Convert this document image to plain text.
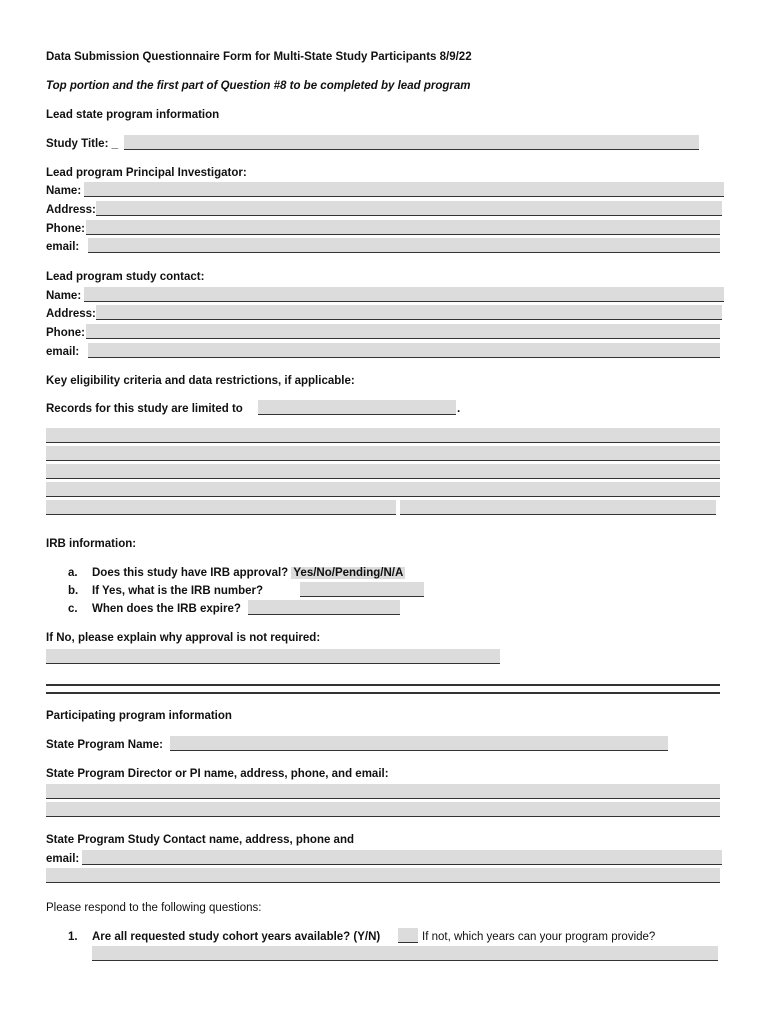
Data Submission Questionnaire Form for Multi-State Study Participants 8/9/22
Top portion and the first part of Question #8 to be completed by lead program
Lead state program information
Study Title: _
Lead program Principal Investigator:
Name:
Address:
Phone:
email:
Lead program study contact:
Name:
Address:
Phone:
email:
Key eligibility criteria and data restrictions, if applicable:
Records for this study are limited to	.
IRB information:
a. Does this study have IRB approval? Yes/No/Pending/N/A
b. If Yes, what is the IRB number?
c. When does the IRB expire?
If No, please explain why approval is not required:
Participating program information
State Program Name:
State Program Director or PI name, address, phone, and email:
State Program Study Contact name, address, phone and
email:
Please respond to the following questions:
1. Are all requested study cohort years available? (Y/N)	If not, which years can your program provide?
